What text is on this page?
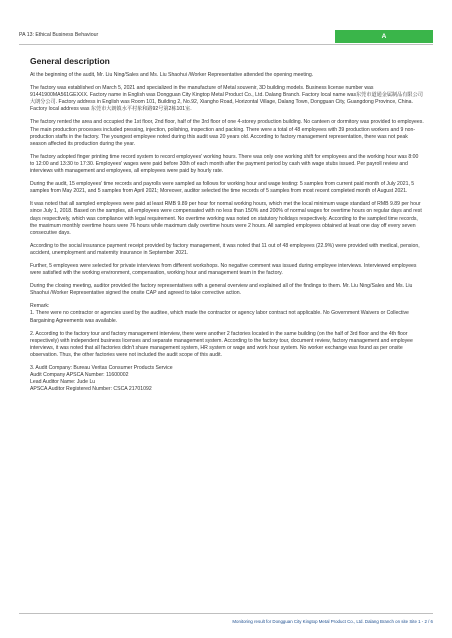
PA 13: Ethical Business Behaviour	A
General description

At the beginning of the audit, Mr. Liu Ning/Sales and Ms. Liu Shaohui /Worker Representative attended the opening meeting.

The factory was established on March 5, 2021 and specialized in the manufacture of Metal souvenir, 3D building models. Business license number was 91441900MA561GEXXX. Factory name in English was Dongguan City Kingtop Metal Product Co., Ltd. Dalang Branch. Factory local name was东莞市道通金属制品有限公司大朗分公司. Factory address in English was Room 101, Building 2, No.92, Xiangho Road, Horizontal Village, Dalang Town, Dongguan City, Guangdong Province, China. Factory local address was 东莞市大朗镇水平村象和路92号第2栋101室.

The factory rented the area and occupied the 1st floor, 2nd floor, half of the 3rd floor of one 4-storey production building. No canteen or dormitory was provided to employees. The main production processes included pressing, injection, polishing, inspection and packing. There were a total of 48 employees with 39 production workers and 9 non-production staffs in the factory. The youngest employee noted during this audit was 20 years old. According to factory management representation, there was not peak season affected its production during the year.

The factory adopted finger printing time record system to record employees' working hours. There was only one working shift for employees and the working hour was 8:00 to 12:00 and 13:30 to 17:30. Employees' wages were paid before 30th of each month after the payment period by cash with wage stubs issued. Per payroll review and interviews with management and employees, all employees were paid by hourly rate.

During the audit, 15 employees' time records and payrolls were sampled as follows for working hour and wage testing: 5 samples from current paid month of July 2021, 5 samples from May 2021, and 5 samples from April 2021; Moreover, auditor selected the time records of 5 samples from most recent completed month of August 2021.

It was noted that all sampled employees were paid at least RMB 9.89 per hour for normal working hours, which met the local minimum wage standard of RMB 9.89 per hour since July 1, 2018. Based on the samples, all employees were compensated with no less than 150% and 200% of normal wages for overtime hours on regular days and rest days respectively, which was compliance with legal requirement. No overtime working was noted on statutory holidays respectively. According to the sampled time records, the maximum monthly overtime hours were 76 hours while maximum daily overtime hours were 2 hours. All sampled employees obtained at least one day off every seven consecutive days.

According to the social insurance payment receipt provided by factory management, it was noted that 11 out of 48 employees (22.9%) were provided with medical, pension, accident, unemployment and maternity insurance in September 2021.

Further, 5 employees were selected for private interviews from different workshops. No negative comment was issued during employee interviews. Interviewed employees were satisfied with the working environment, compensation, working hour and management team in the factory.

During the closing meeting, auditor provided the factory representatives with a general overview and explained all of the findings to them. Mr. Liu Ning/Sales and Ms. Liu Shaohui /Worker Representative signed the onsite CAP and agreed to take corrective action.

Remark:

1. There were no contractor or agencies used by the auditee, which made the contractor or agency labor contract not applicable. No Government Waivers or Collective Bargaining Agreements was available.

2. According to the factory tour and factory management interview, there were another 2 factories located in the same building (on the half of 3rd floor and the 4th floor respectively) with independent business licenses and separate management system. According to the factory tour, document review, factory management and employee interviews, it was noted that all factories didn't share management system, HR system or wage and work hour system. No worker exchange was found as per onsite observation. Thus, the other factories were not included the audit scope of this audit.

3. Audit Company: Bureau Veritas Consumer Products Service
Audit Company APSCA Number: 11600002
Lead Auditor Name: Jude Lu
APSCA Auditor Registered Number: CSCA 21701092
Monitoring result for Dongguan City Kingtop Metal Product Co., Ltd. Dalang Branch on site Site 1 - 2 / 6
